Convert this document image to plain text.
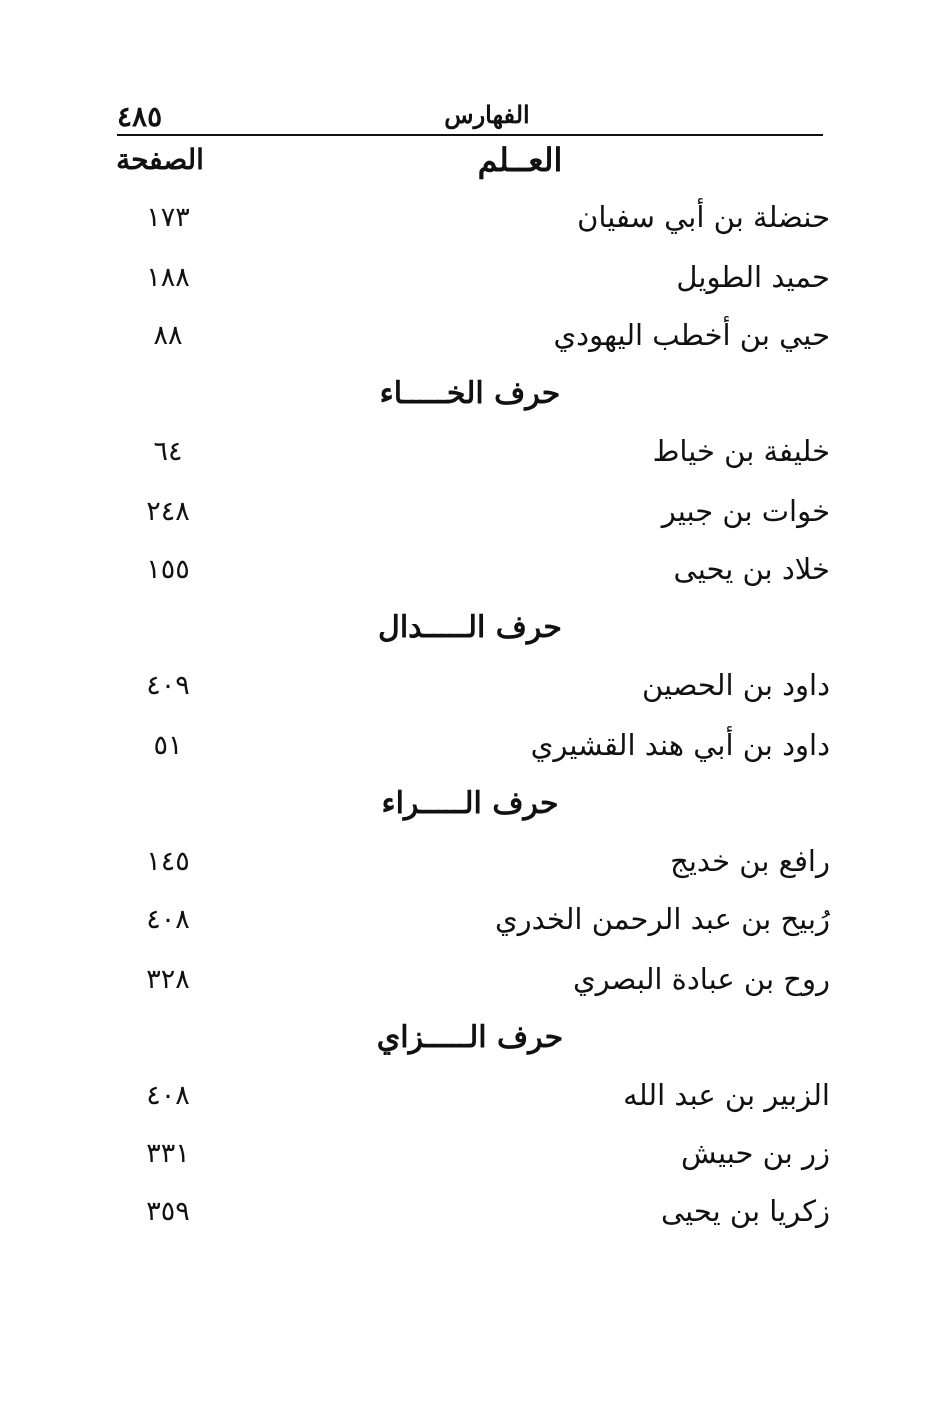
٤٨٥	الفهارس
العــلم
الصفحة
حنضلة بن أبي سفيان
١٧٣
حميد الطويل
١٨٨
حيي بن أخطب اليهودي
٨٨
حرف الخـــــاء
خليفة بن خياط
٦٤
خوات بن جبير
٢٤٨
خلاد بن يحيى
١٥٥
حرف الـــــدال
داود بن الحصين
٤٠٩
داود بن أبي هند القشيري
٥١
حرف الـــــراء
رافع بن خديج
١٤٥
رُبيح بن عبد الرحمن الخدري
٤٠٨
روح بن عبادة البصري
٣٢٨
حرف الـــــزاي
الزبير بن عبد الله
٤٠٨
زر بن حبيش
٣٣١
زكريا بن يحيى
٣٥٩
